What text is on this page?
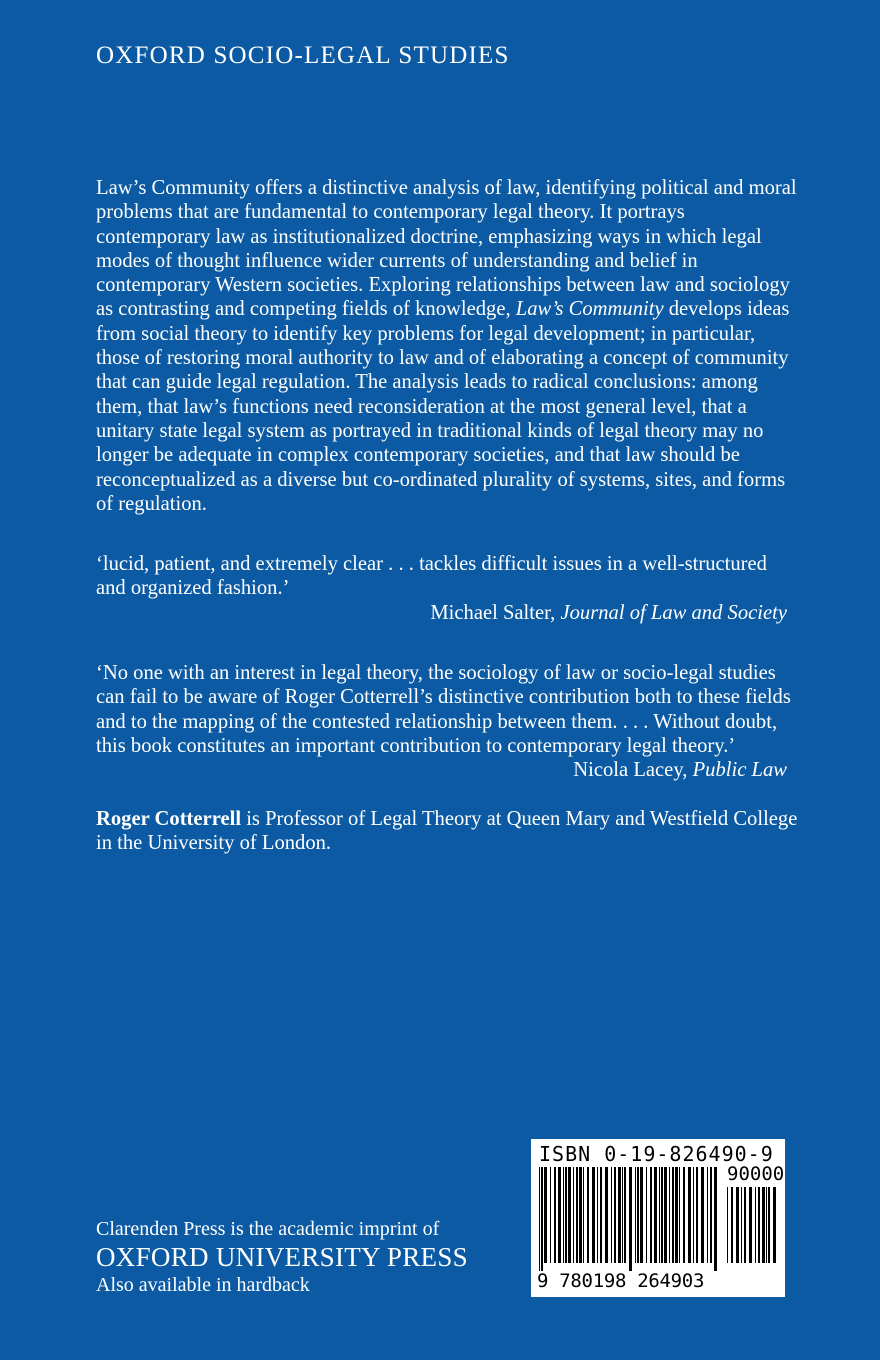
OXFORD SOCIO-LEGAL STUDIES

Law’s Community offers a distinctive analysis of law, identifying political and moral problems that are fundamental to contemporary legal theory. It portrays contemporary law as institutionalized doctrine, emphasizing ways in which legal modes of thought influence wider currents of understanding and belief in contemporary Western societies. Exploring relationships between law and sociology as contrasting and competing fields of knowledge, Law’s Community develops ideas from social theory to identify key problems for legal development; in particular, those of restoring moral authority to law and of elaborating a concept of community that can guide legal regulation. The analysis leads to radical conclusions: among them, that law’s functions need reconsideration at the most general level, that a unitary state legal system as portrayed in traditional kinds of legal theory may no longer be adequate in complex contemporary societies, and that law should be reconceptualized as a diverse but co-ordinated plurality of systems, sites, and forms of regulation.

‘lucid, patient, and extremely clear . . . tackles difficult issues in a well-structured and organized fashion.’

Michael Salter, Journal of Law and Society

‘No one with an interest in legal theory, the sociology of law or socio-legal studies can fail to be aware of Roger Cotterrell’s distinctive contribution both to these fields and to the mapping of the contested relationship between them. . . . Without doubt, this book constitutes an important contribution to contemporary legal theory.’

Nicola Lacey, Public Law

Roger Cotterrell is Professor of Legal Theory at Queen Mary and Westfield College in the University of London.

Clarenden Press is the academic imprint of
OXFORD UNIVERSITY PRESS
Also available in hardback
ISBN 0-19-826490-9
90000
9 780198 264903
